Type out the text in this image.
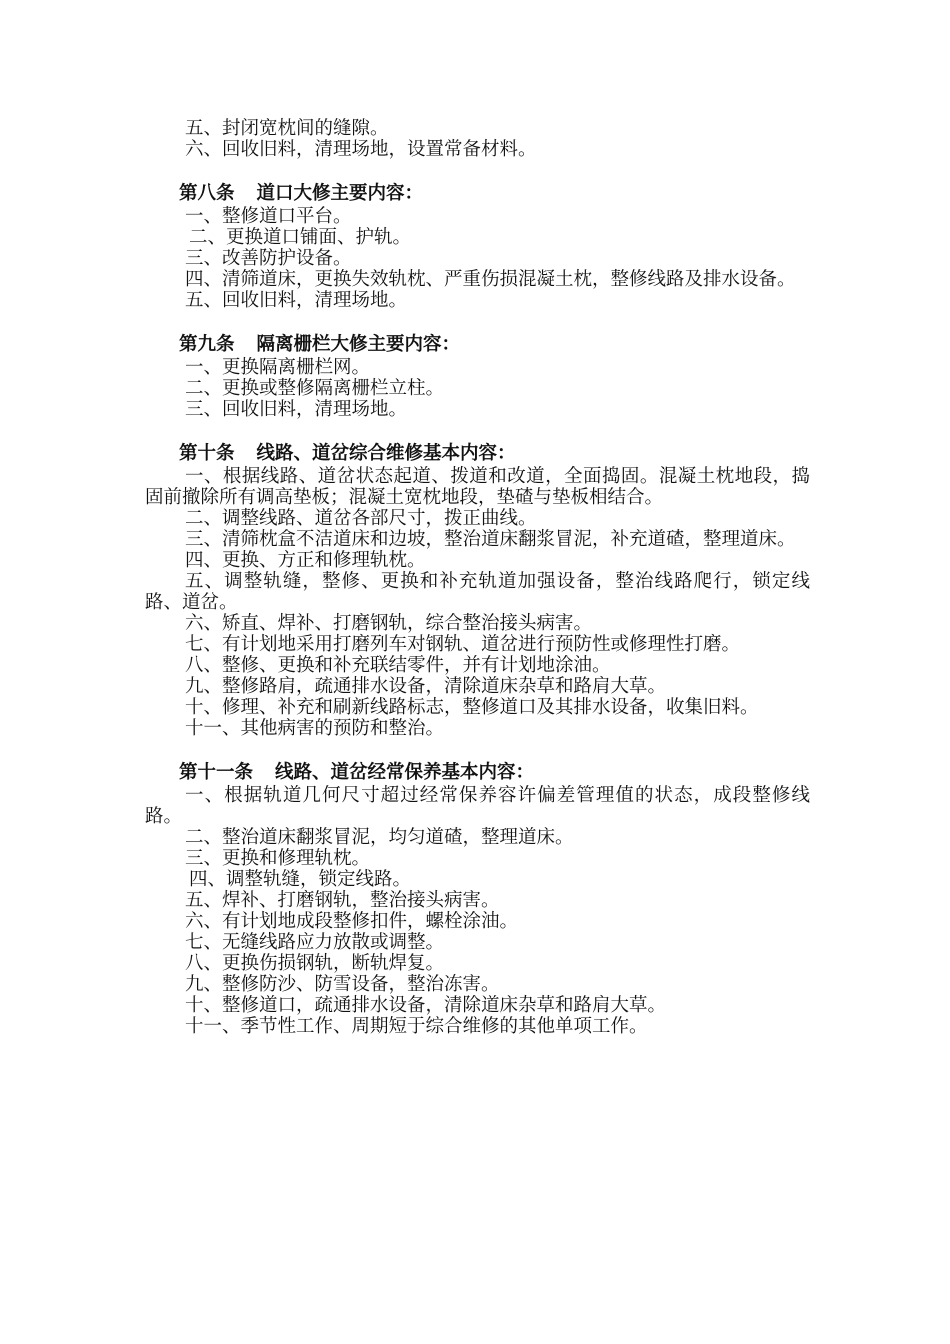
五、封闭宽枕间的缝隙。
六、回收旧料，清理场地，设置常备材料。
第八条 道口大修主要内容：
一、整修道口平台。
二、更换道口铺面、护轨。
三、改善防护设备。
四、清筛道床，更换失效轨枕、严重伤损混凝土枕，整修线路及排水设备。
五、回收旧料，清理场地。
第九条 隔离栅栏大修主要内容：
一、更换隔离栅栏网。
二、更换或整修隔离栅栏立柱。
三、回收旧料，清理场地。
第十条 线路、道岔综合维修基本内容：
一、根据线路、道岔状态起道、拨道和改道，全面捣固。混凝土枕地段，捣固前撤除所有调高垫板；混凝土宽枕地段，垫碴与垫板相结合。
二、调整线路、道岔各部尺寸，拨正曲线。
三、清筛枕盒不洁道床和边坡，整治道床翻浆冒泥，补充道碴，整理道床。
四、更换、方正和修理轨枕。
五、调整轨缝，整修、更换和补充轨道加强设备，整治线路爬行，锁定线路、道岔。
六、矫直、焊补、打磨钢轨，综合整治接头病害。
七、有计划地采用打磨列车对钢轨、道岔进行预防性或修理性打磨。
八、整修、更换和补充联结零件，并有计划地涂油。
九、整修路肩，疏通排水设备，清除道床杂草和路肩大草。
十、修理、补充和刷新线路标志，整修道口及其排水设备，收集旧料。
十一、其他病害的预防和整治。
第十一条 线路、道岔经常保养基本内容：
一、根据轨道几何尺寸超过经常保养容许偏差管理值的状态，成段整修线路。
二、整治道床翻浆冒泥，均匀道碴，整理道床。
三、更换和修理轨枕。
四、调整轨缝，锁定线路。
五、焊补、打磨钢轨，整治接头病害。
六、有计划地成段整修扣件，螺栓涂油。
七、无缝线路应力放散或调整。
八、更换伤损钢轨，断轨焊复。
九、整修防沙、防雪设备，整治冻害。
十、整修道口，疏通排水设备，清除道床杂草和路肩大草。
十一、季节性工作、周期短于综合维修的其他单项工作。
